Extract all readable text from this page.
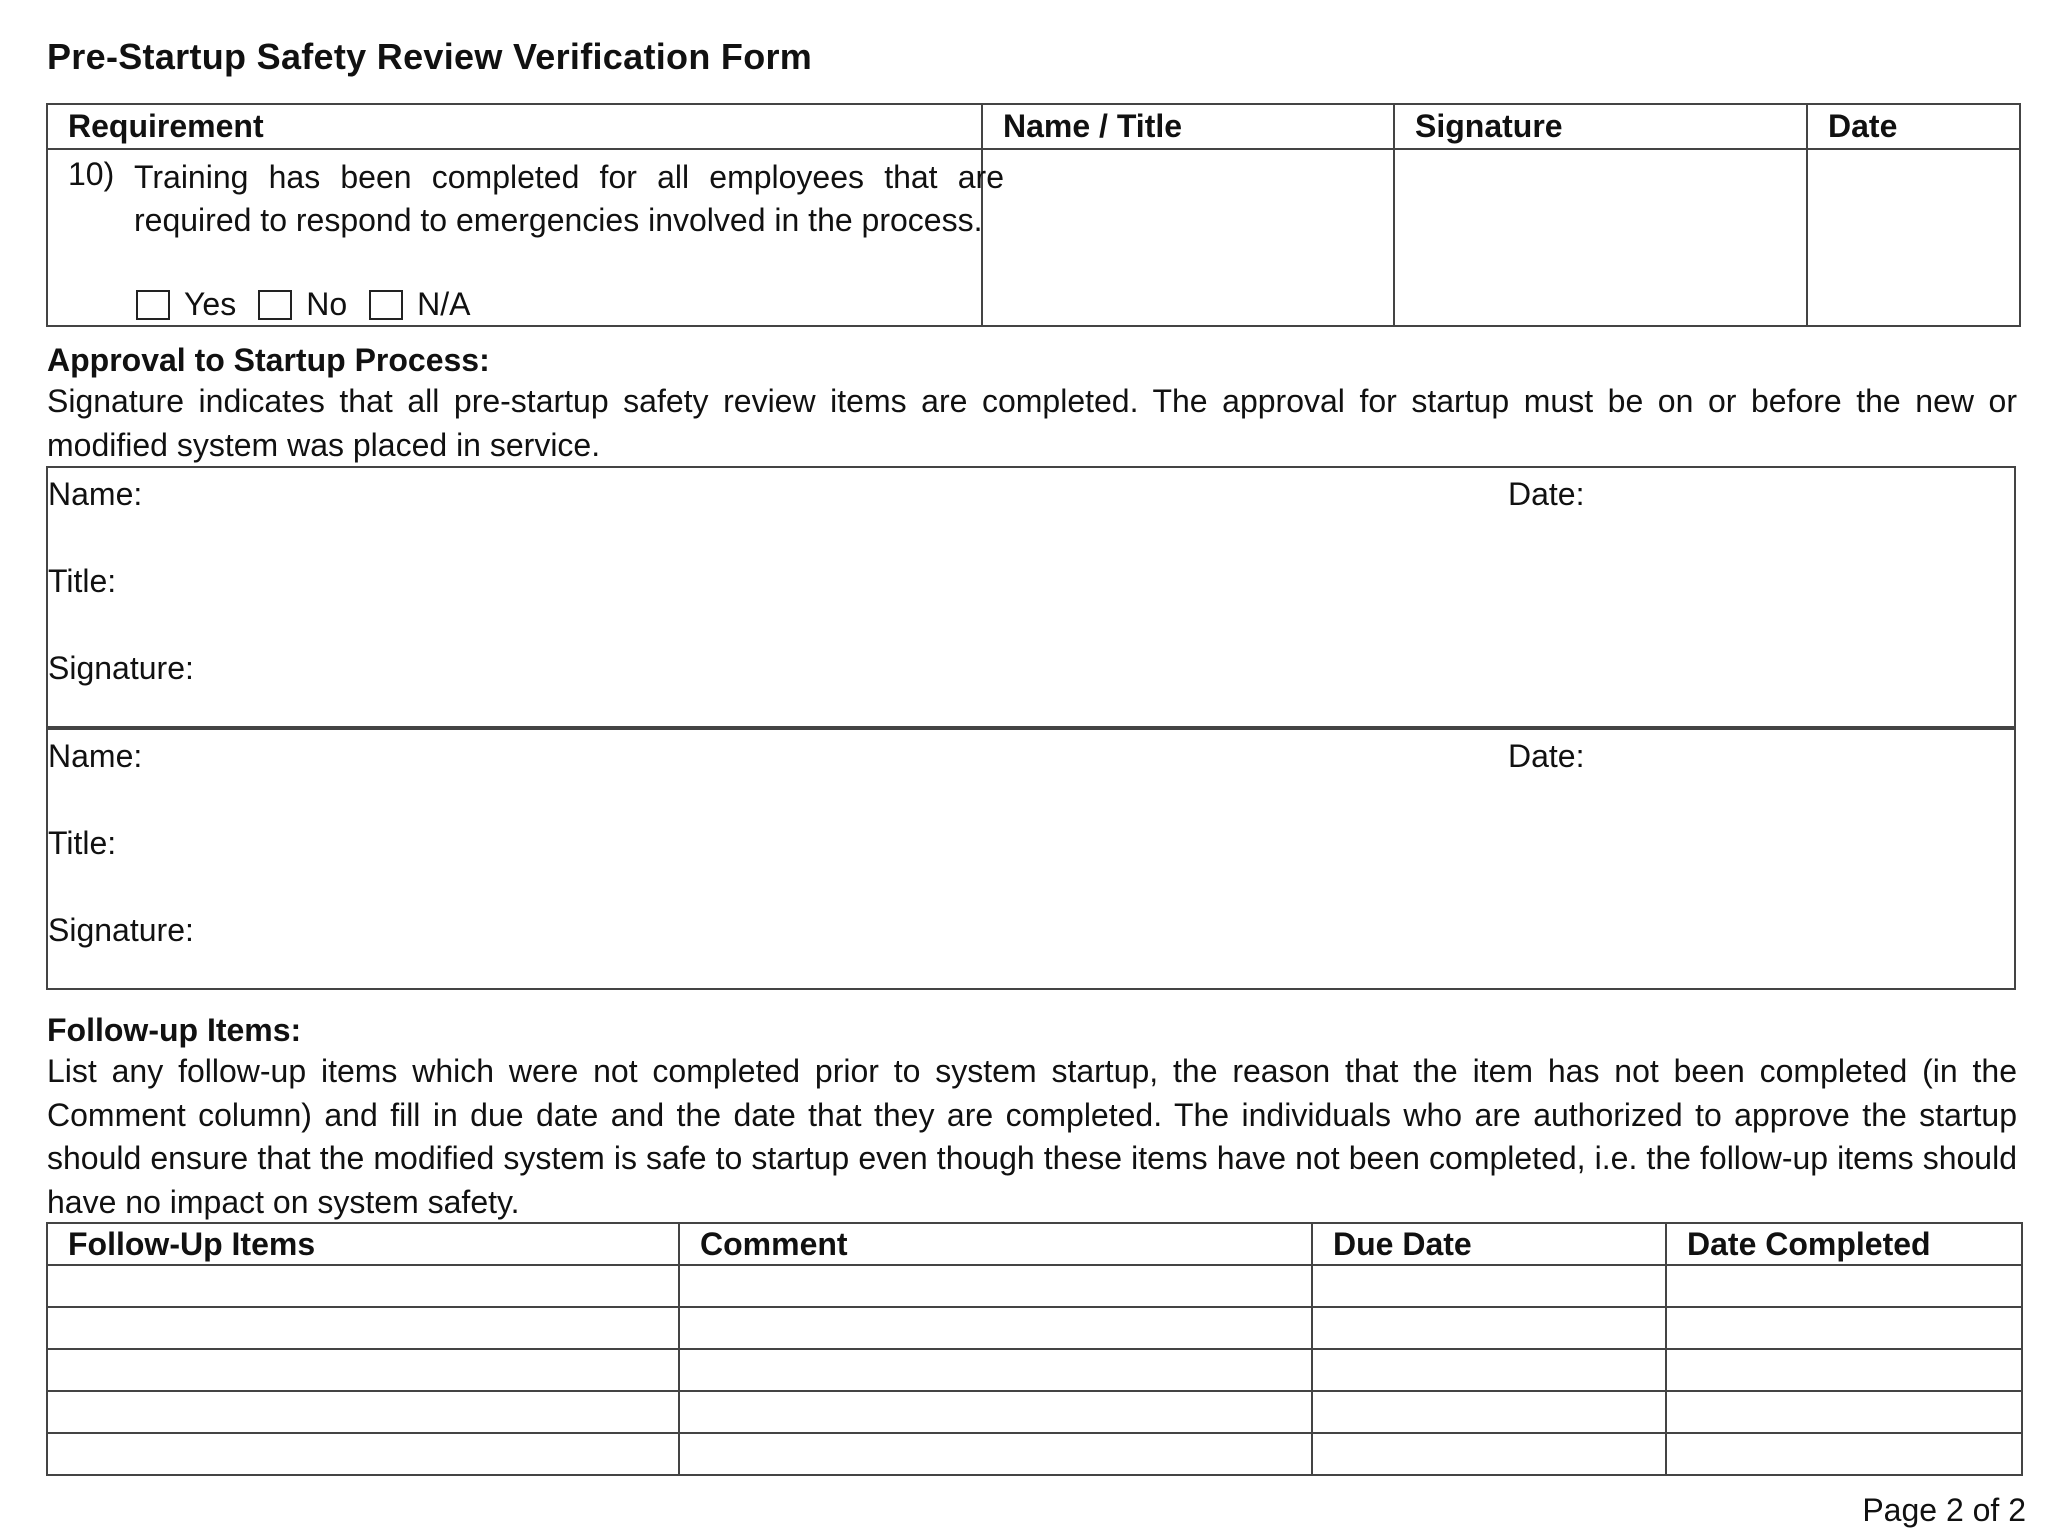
Pre-Startup Safety Review Verification Form
Requirement	Name / Title	Signature	Date

10) Training has been completed for all employees that are required to respond to emergencies involved in the process.
Yes No N/A			

Approval to Startup Process:

Signature indicates that all pre-startup safety review items are completed. The approval for startup must be on or before the new or modified system was placed in service.

Name:	Date:
Title:
Signature:
Name:	Date:
Title:
Signature:
Follow-up Items:

List any follow-up items which were not completed prior to system startup, the reason that the item has not been completed (in the Comment column) and fill in due date and the date that they are completed. The individuals who are authorized to approve the startup should ensure that the modified system is safe to startup even though these items have not been completed, i.e. the follow-up items should have no impact on system safety.

Follow-Up Items	Comment	Due Date	Date Completed

Page 2 of 2
